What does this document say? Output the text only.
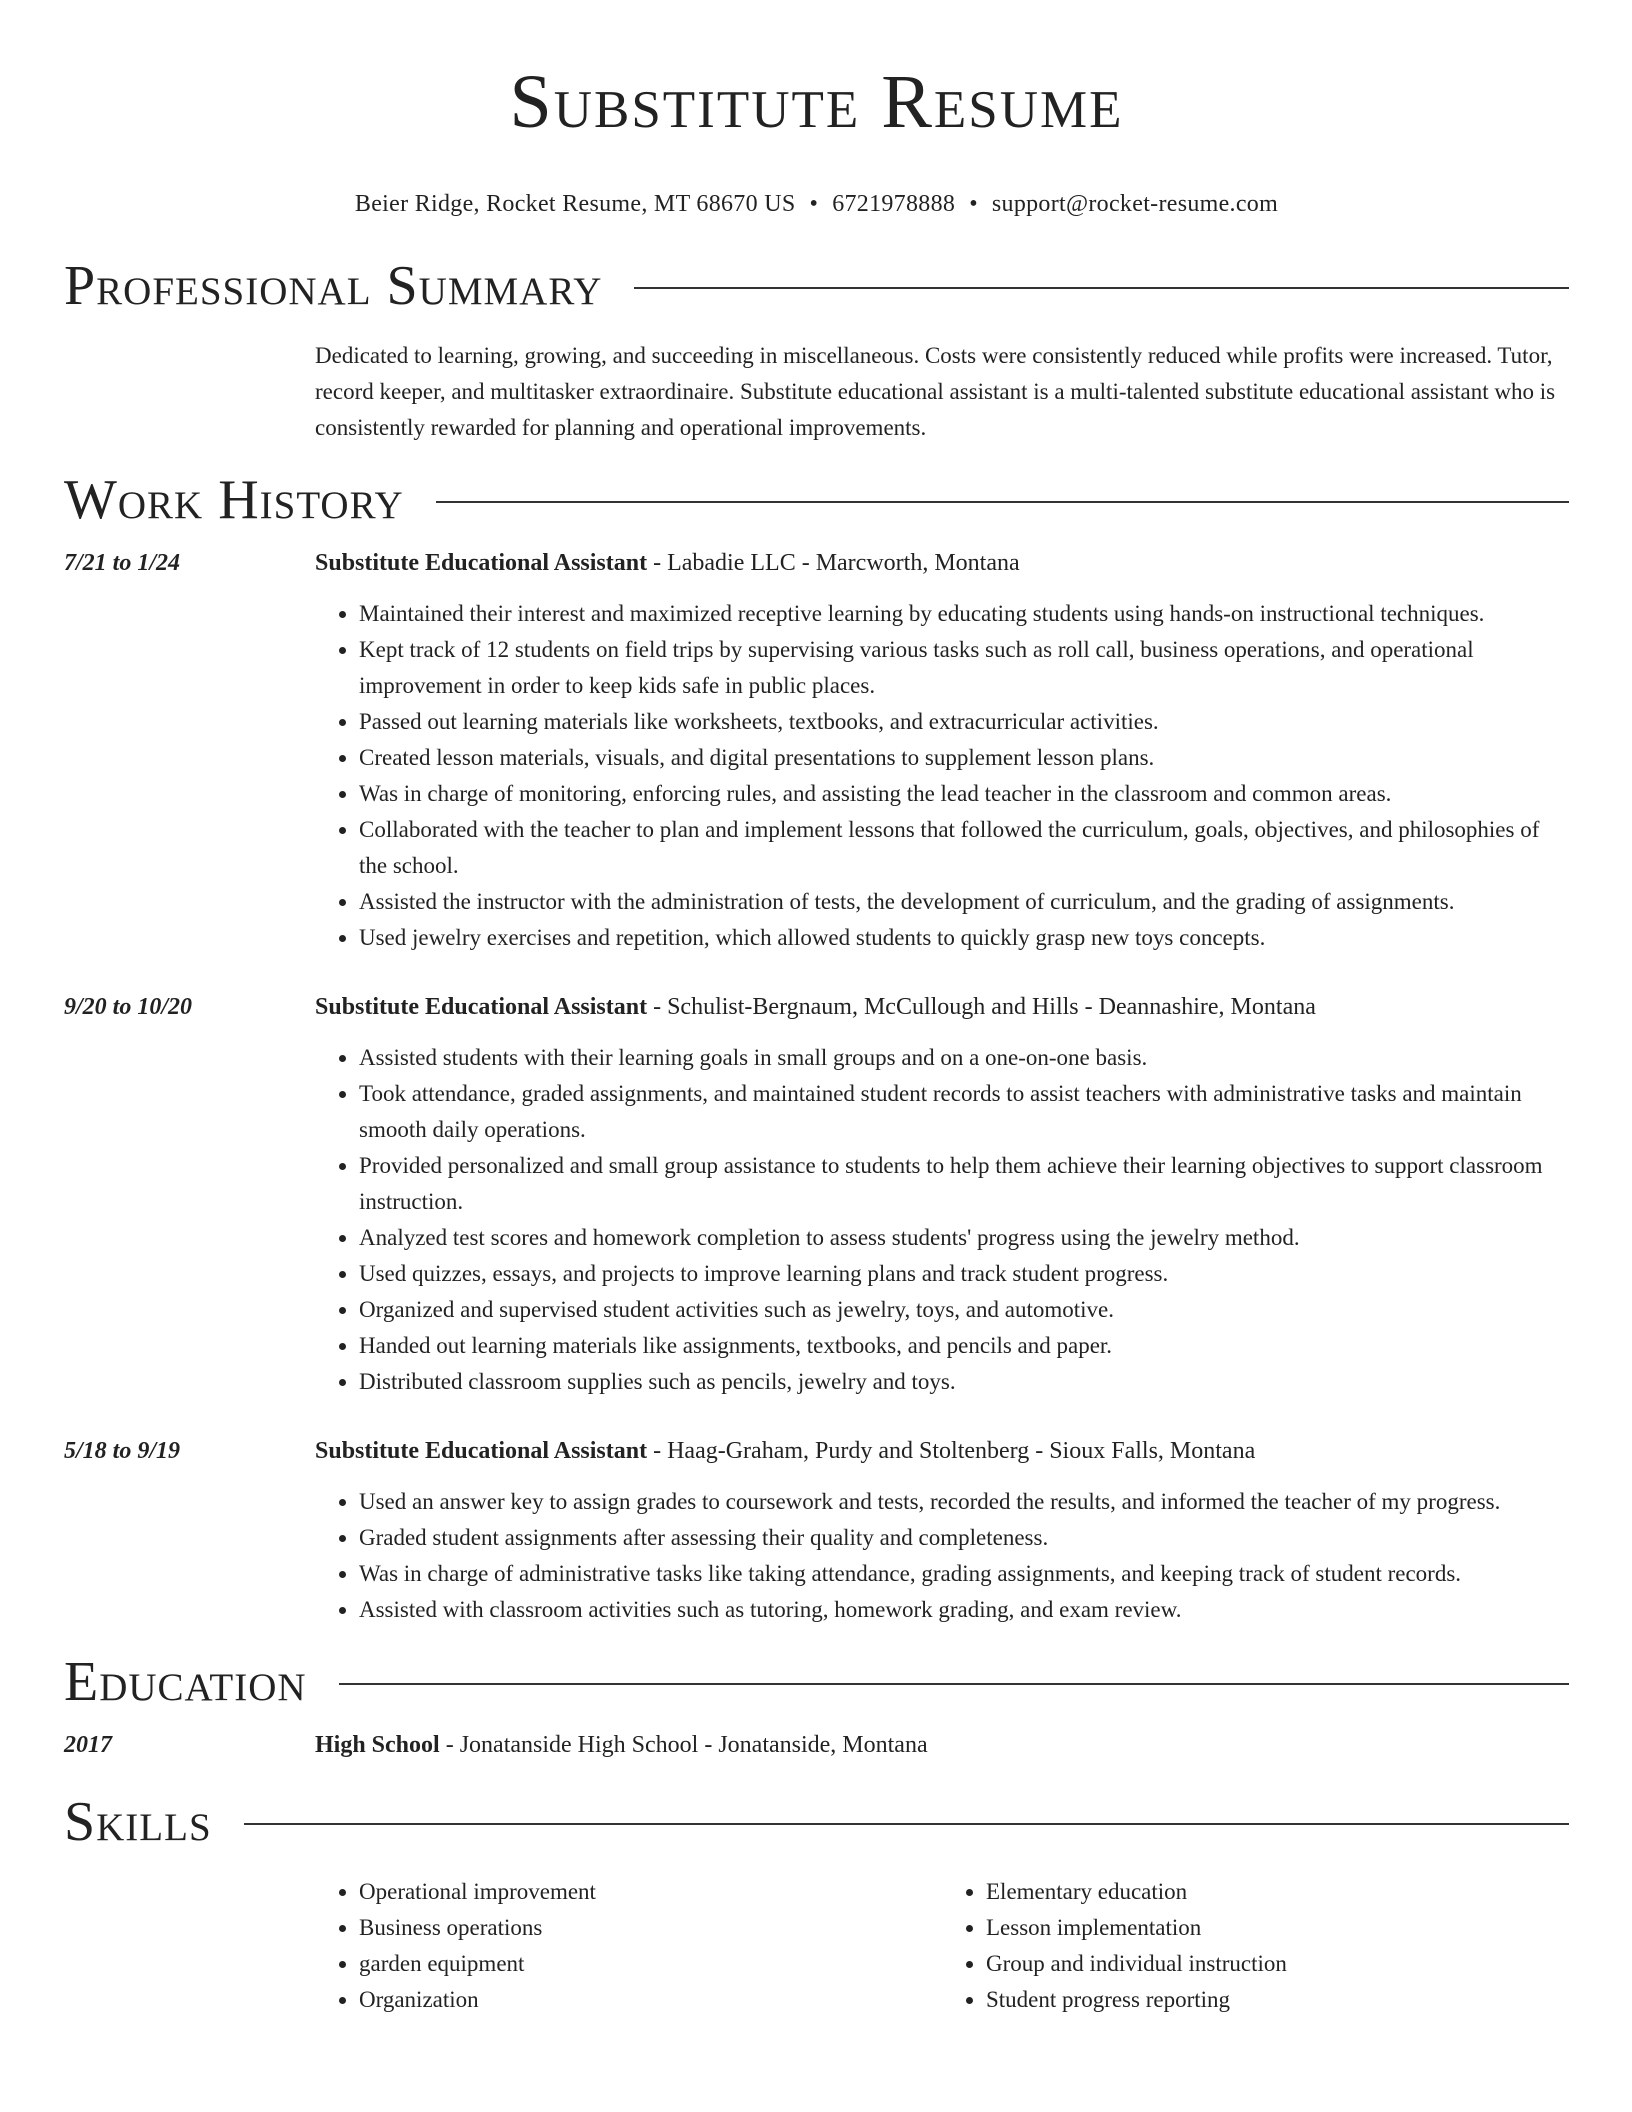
Substitute Resume
Beier Ridge, Rocket Resume, MT 68670 US • 6721978888 • support@rocket-resume.com
Professional Summary
Dedicated to learning, growing, and succeeding in miscellaneous. Costs were consistently reduced while profits were increased. Tutor, record keeper, and multitasker extraordinaire. Substitute educational assistant is a multi-talented substitute educational assistant who is consistently rewarded for planning and operational improvements.
Work History
7/21 to 1/24	Substitute Educational Assistant - Labadie LLC - Marcworth, Montana
• Maintained their interest and maximized receptive learning by educating students using hands-on instructional techniques.
• Kept track of 12 students on field trips by supervising various tasks such as roll call, business operations, and operational improvement in order to keep kids safe in public places.
• Passed out learning materials like worksheets, textbooks, and extracurricular activities.
• Created lesson materials, visuals, and digital presentations to supplement lesson plans.
• Was in charge of monitoring, enforcing rules, and assisting the lead teacher in the classroom and common areas.
• Collaborated with the teacher to plan and implement lessons that followed the curriculum, goals, objectives, and philosophies of the school.
• Assisted the instructor with the administration of tests, the development of curriculum, and the grading of assignments.
• Used jewelry exercises and repetition, which allowed students to quickly grasp new toys concepts.
9/20 to 10/20	Substitute Educational Assistant - Schulist-Bergnaum, McCullough and Hills - Deannashire, Montana
• Assisted students with their learning goals in small groups and on a one-on-one basis.
• Took attendance, graded assignments, and maintained student records to assist teachers with administrative tasks and maintain smooth daily operations.
• Provided personalized and small group assistance to students to help them achieve their learning objectives to support classroom instruction.
• Analyzed test scores and homework completion to assess students' progress using the jewelry method.
• Used quizzes, essays, and projects to improve learning plans and track student progress.
• Organized and supervised student activities such as jewelry, toys, and automotive.
• Handed out learning materials like assignments, textbooks, and pencils and paper.
• Distributed classroom supplies such as pencils, jewelry and toys.
5/18 to 9/19	Substitute Educational Assistant - Haag-Graham, Purdy and Stoltenberg - Sioux Falls, Montana
• Used an answer key to assign grades to coursework and tests, recorded the results, and informed the teacher of my progress.
• Graded student assignments after assessing their quality and completeness.
• Was in charge of administrative tasks like taking attendance, grading assignments, and keeping track of student records.
• Assisted with classroom activities such as tutoring, homework grading, and exam review.
Education
2017	High School - Jonatanside High School - Jonatanside, Montana
Skills
• Operational improvement
• Business operations
• garden equipment
• Organization
• Elementary education
• Lesson implementation
• Group and individual instruction
• Student progress reporting
